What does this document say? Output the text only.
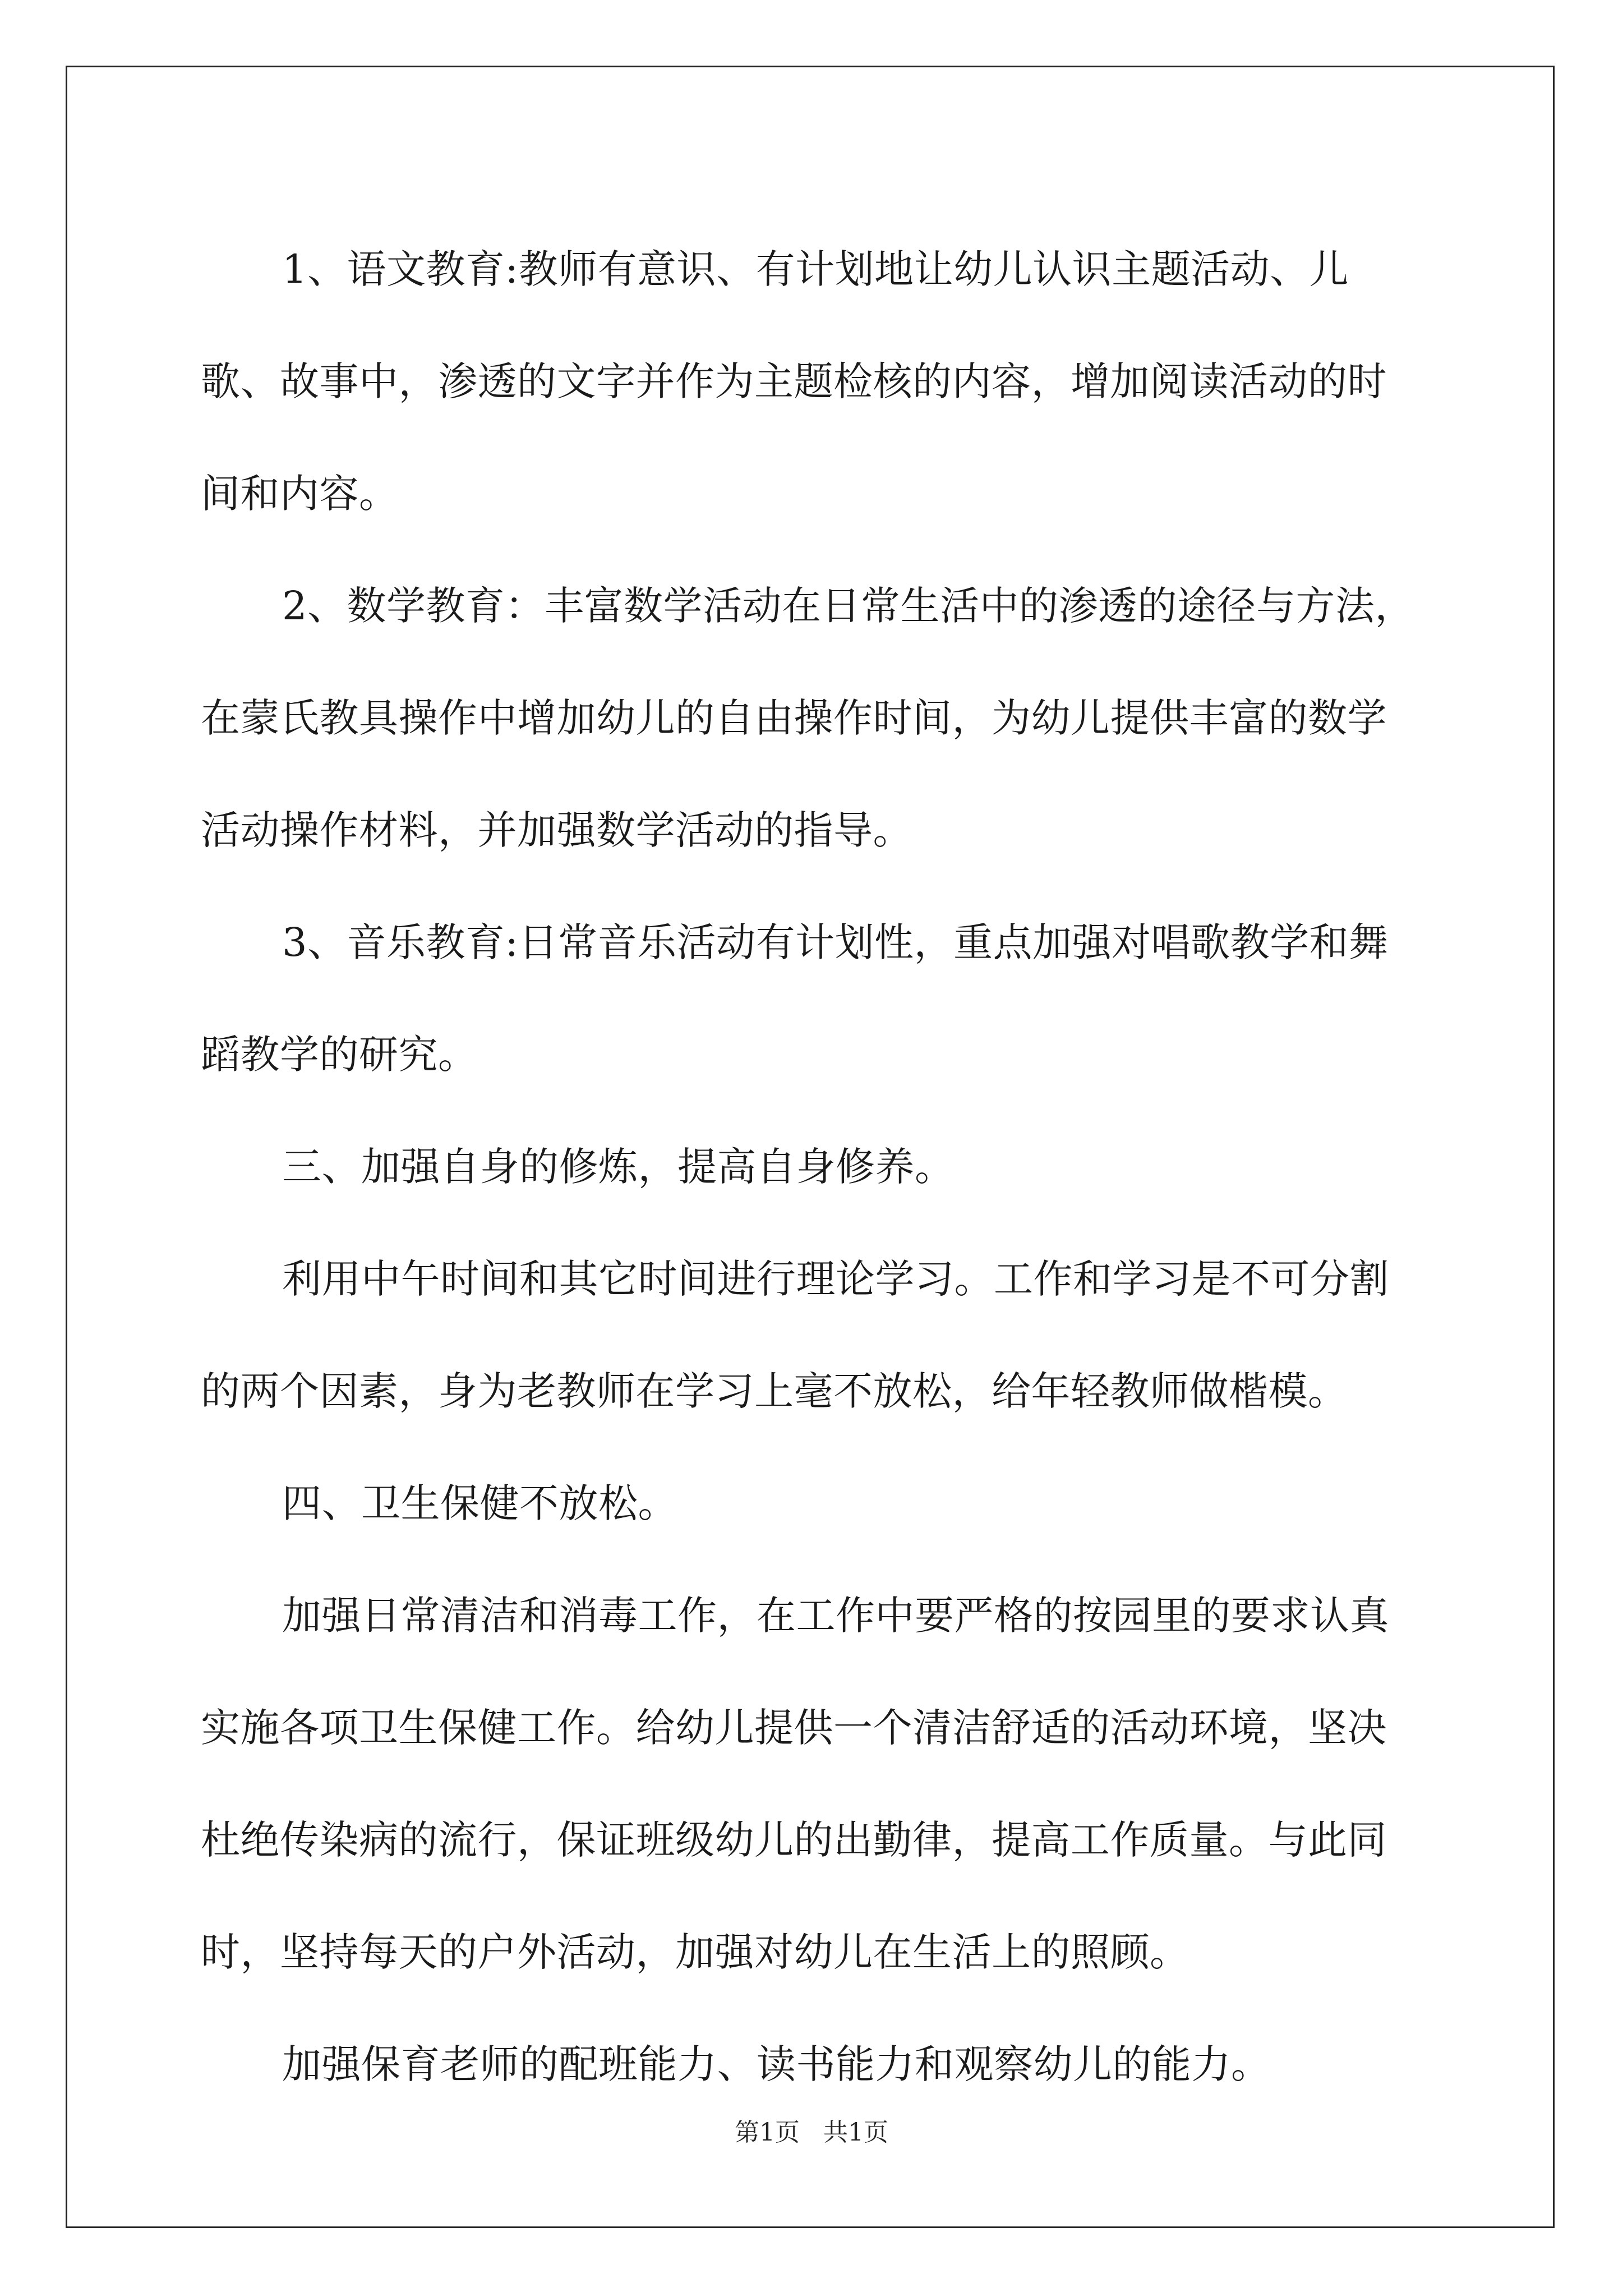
1、语文教育:教师有意识、有计划地让幼儿认识主题活动、儿歌、故事中，渗透的文字并作为主题检核的内容，增加阅读活动的时间和内容。

2、数学教育：丰富数学活动在日常生活中的渗透的途径与方法，在蒙氏教具操作中增加幼儿的自由操作时间，为幼儿提供丰富的数学活动操作材料，并加强数学活动的指导。

3、音乐教育:日常音乐活动有计划性，重点加强对唱歌教学和舞蹈教学的研究。

三、加强自身的修炼，提高自身修养。

利用中午时间和其它时间进行理论学习。工作和学习是不可分割的两个因素，身为老教师在学习上毫不放松，给年轻教师做楷模。

四、卫生保健不放松。

加强日常清洁和消毒工作，在工作中要严格的按园里的要求认真实施各项卫生保健工作。给幼儿提供一个清洁舒适的活动环境，坚决杜绝传染病的流行，保证班级幼儿的出勤律，提高工作质量。与此同时，坚持每天的户外活动，加强对幼儿在生活上的照顾。

加强保育老师的配班能力、读书能力和观察幼儿的能力。

第1页   共1页
